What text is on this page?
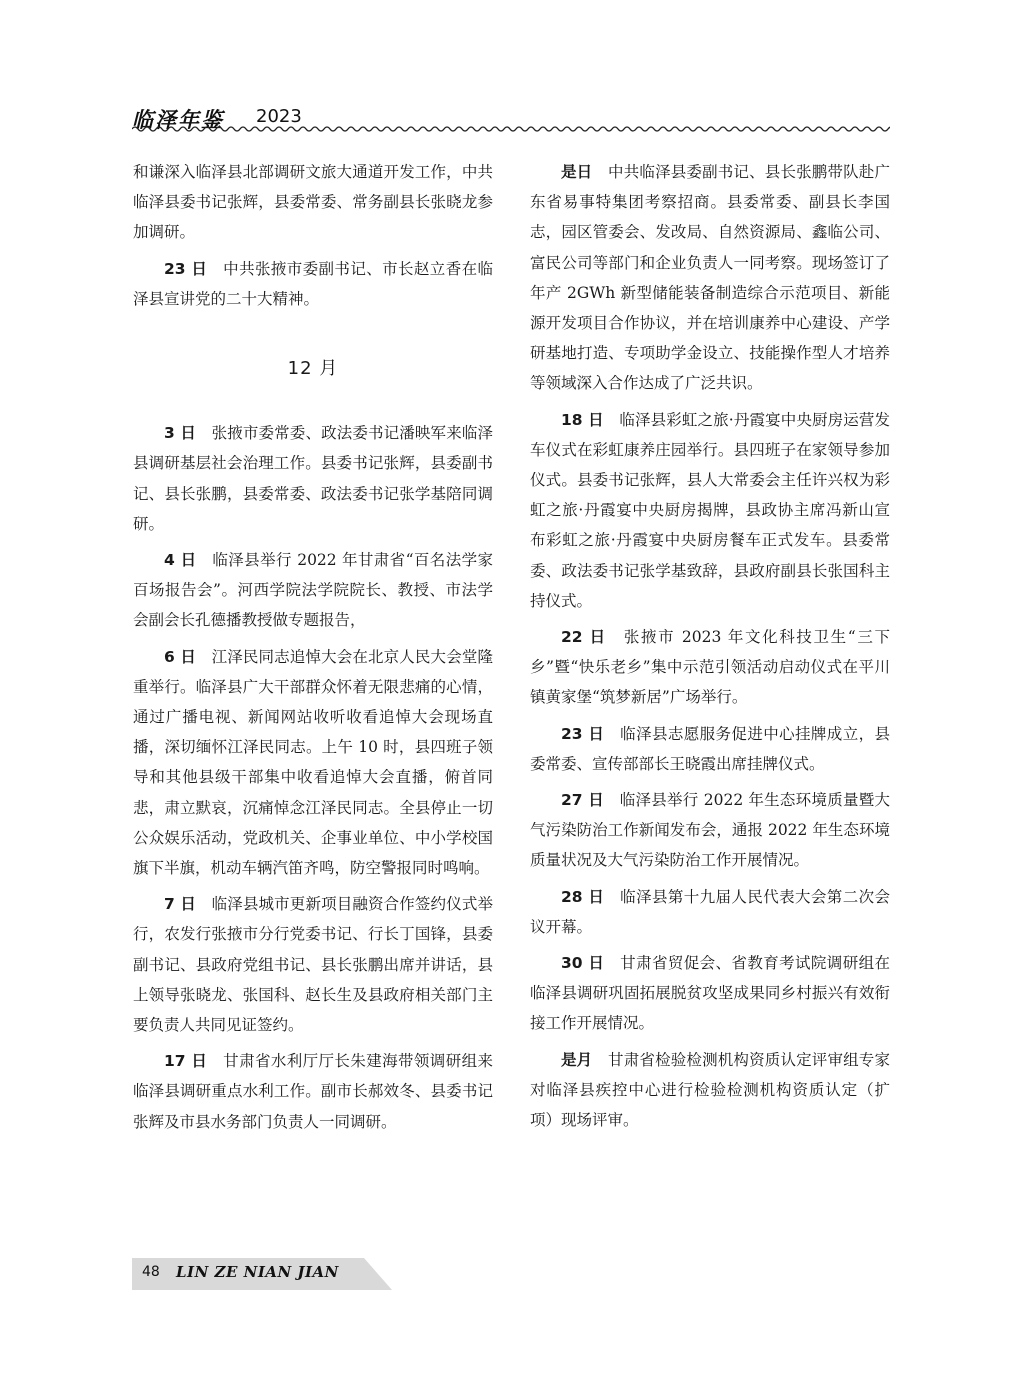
临泽年鉴 2023

和谦深入临泽县北部调研文旅大通道开发工作，中共临泽县委书记张辉，县委常委、常务副县长张晓龙参加调研。

23 日　 中共张掖市委副书记、市长赵立香在临泽县宣讲党的二十大精神。

12 月

3 日　 张掖市委常委、政法委书记潘映军来临泽县调研基层社会治理工作。县委书记张辉，县委副书记、县长张鹏，县委常委、政法委书记张学基陪同调研。

4 日　 临泽县举行 2022 年甘肃省“百名法学家百场报告会”。河西学院法学院院长、教授、市法学会副会长孔德播教授做专题报告，

6 日　 江泽民同志追悼大会在北京人民大会堂隆重举行。临泽县广大干部群众怀着无限悲痛的心情，通过广播电视、新闻网站收听收看追悼大会现场直播，深切缅怀江泽民同志。上午 10 时，县四班子领导和其他县级干部集中收看追悼大会直播，俯首同悲，肃立默哀，沉痛悼念江泽民同志。全县停止一切公众娱乐活动，党政机关、企事业单位、中小学校国旗下半旗，机动车辆汽笛齐鸣，防空警报同时鸣响。

7 日　 临泽县城市更新项目融资合作签约仪式举行，农发行张掖市分行党委书记、行长丁国锋，县委副书记、县政府党组书记、县长张鹏出席并讲话，县上领导张晓龙、张国科、赵长生及县政府相关部门主要负责人共同见证签约。

17 日　 甘肃省水利厅厅长朱建海带领调研组来临泽县调研重点水利工作。副市长郝效冬、县委书记张辉及市县水务部门负责人一同调研。

是日　 中共临泽县委副书记、县长张鹏带队赴广东省易事特集团考察招商。县委常委、副县长李国志，园区管委会、发改局、自然资源局、鑫临公司、富民公司等部门和企业负责人一同考察。现场签订了年产 2GWh 新型储能装备制造综合示范项目、新能源开发项目合作协议，并在培训康养中心建设、产学研基地打造、专项助学金设立、技能操作型人才培养等领域深入合作达成了广泛共识。

18 日　 临泽县彩虹之旅·丹霞宴中央厨房运营发车仪式在彩虹康养庄园举行。县四班子在家领导参加仪式。县委书记张辉，县人大常委会主任许兴权为彩虹之旅·丹霞宴中央厨房揭牌，县政协主席冯新山宣布彩虹之旅·丹霞宴中央厨房餐车正式发车。县委常委、政法委书记张学基致辞，县政府副县长张国科主持仪式。

22 日　 张掖市 2023 年文化科技卫生“三下乡”暨“快乐老乡”集中示范引领活动启动仪式在平川镇黄家堡“筑梦新居”广场举行。

23 日　 临泽县志愿服务促进中心挂牌成立，县委常委、宣传部部长王晓霞出席挂牌仪式。

27 日　 临泽县举行 2022 年生态环境质量暨大气污染防治工作新闻发布会，通报 2022 年生态环境质量状况及大气污染防治工作开展情况。

28 日　 临泽县第十九届人民代表大会第二次会议开幕。

30 日　 甘肃省贸促会、省教育考试院调研组在临泽县调研巩固拓展脱贫攻坚成果同乡村振兴有效衔接工作开展情况。

是月　 甘肃省检验检测机构资质认定评审组专家对临泽县疾控中心进行检验检测机构资质认定（扩项）现场评审。

48 LIN ZE NIAN JIAN
